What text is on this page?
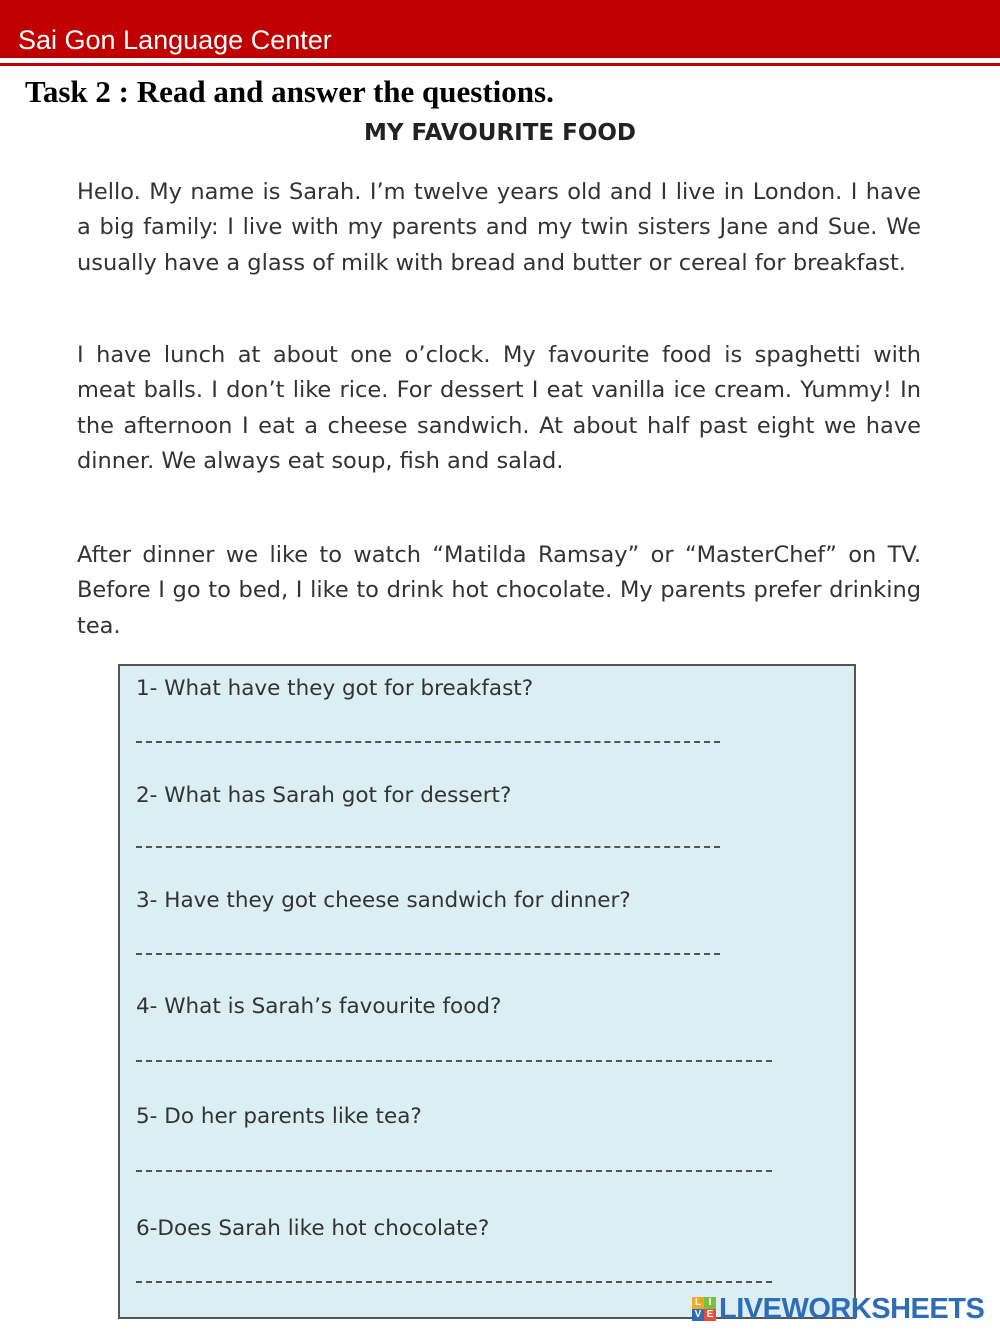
Sai Gon Language Center
Task 2 : Read and answer the questions.
MY FAVOURITE FOOD

Hello. My name is Sarah. I’m twelve years old and I live in London. I have a big family: I live with my parents and my twin sisters Jane and Sue. We usually have a glass of milk with bread and butter or cereal for breakfast.

I have lunch at about one o’clock. My favourite food is spaghetti with meat balls. I don’t like rice. For dessert I eat vanilla ice cream. Yummy! In the afternoon I eat a cheese sandwich. At about half past eight we have dinner. We always eat soup, fish and salad.

After dinner we like to watch “Matilda Ramsay” or “MasterChef” on TV. Before I go to bed, I like to drink hot chocolate. My parents prefer drinking tea.

1- What have they got for breakfast?
2- What has Sarah got for dessert?
3- Have they got cheese sandwich for dinner?
4- What is Sarah’s favourite food?
5- Do her parents like tea?
6-Does Sarah like hot chocolate?
L I
V E LIVEWORKSHEETS
